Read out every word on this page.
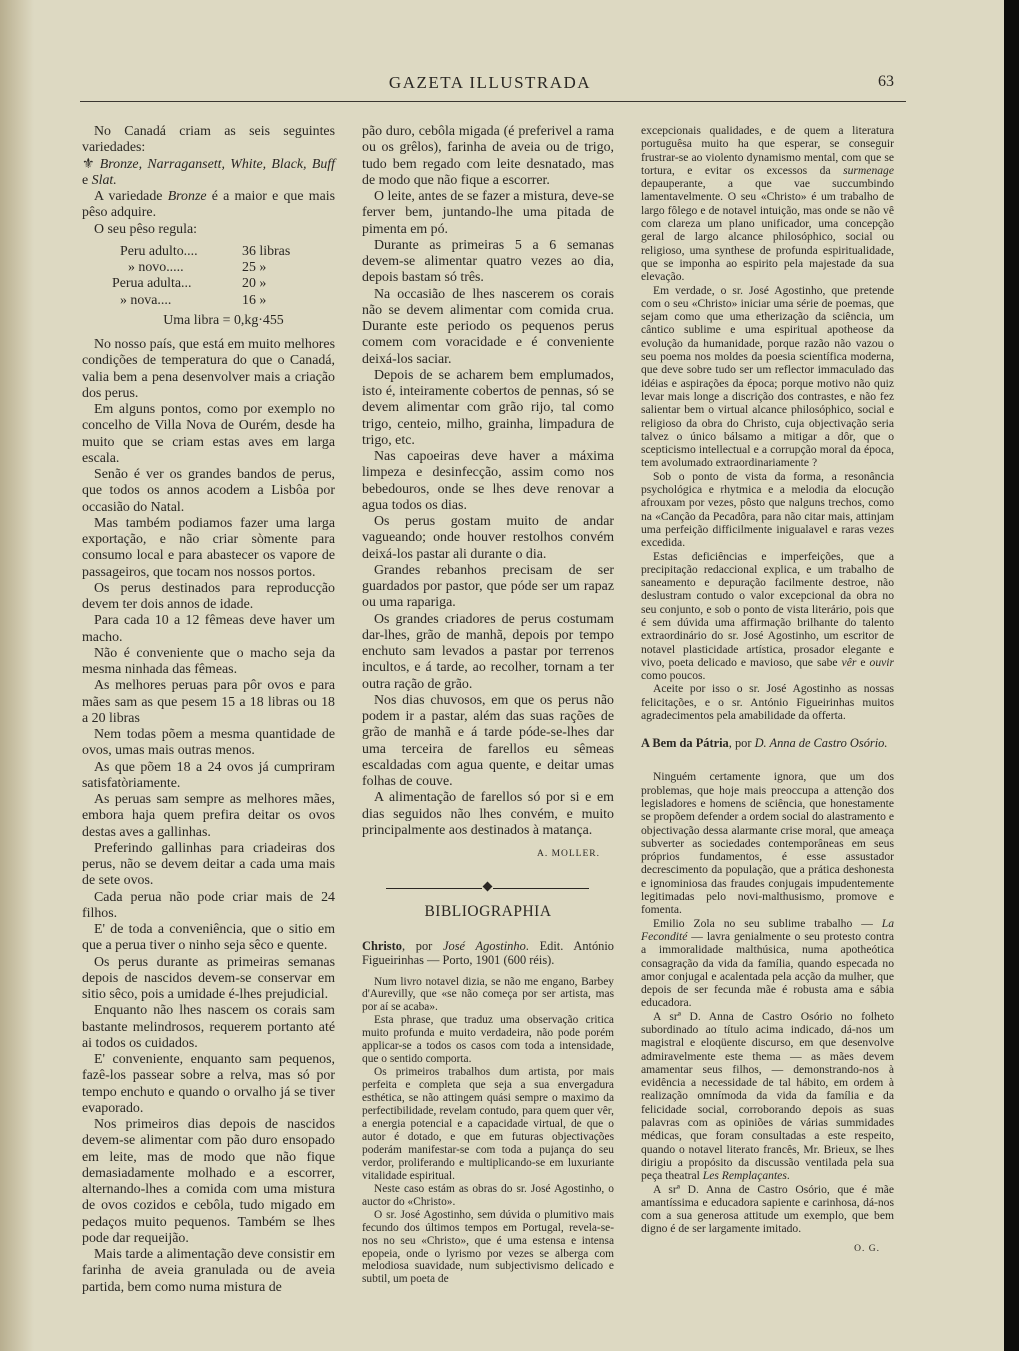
GAZETA ILLUSTRADA	63

No Canadá criam as seis seguintes variedades:

⚜ Bronze, Narragansett, White, Black, Buff e Slat.

A variedade Bronze é a maior e que mais pêso adquire.

O seu pêso regula:

Peru adulto....	36 libras
» novo.....	25 »
Perua adulta...	20 »
» nova....	16 »

Uma libra = 0,kg·455

No nosso país, que está em muito melhores condições de temperatura do que o Canadá, valia bem a pena desenvolver mais a criação dos perus.

Em alguns pontos, como por exemplo no concelho de Villa Nova de Ourém, desde ha muito que se criam estas aves em larga escala.

Senão é ver os grandes bandos de perus, que todos os annos acodem a Lisbôa por occasião do Natal.

Mas também podiamos fazer uma larga exportação, e não criar sòmente para consumo local e para abastecer os vapore de passageiros, que tocam nos nossos portos.

Os perus destinados para reproducção devem ter dois annos de idade.

Para cada 10 a 12 fêmeas deve haver um macho.

Não é conveniente que o macho seja da mesma ninhada das fêmeas.

As melhores peruas para pôr ovos e para mães sam as que pesem 15 a 18 libras ou 18 a 20 libras

Nem todas põem a mesma quantidade de ovos, umas mais outras menos.

As que põem 18 a 24 ovos já cumpriram satisfatòriamente.

As peruas sam sempre as melhores mães, embora haja quem prefira deitar os ovos destas aves a gallinhas.

Preferindo gallinhas para criadeiras dos perus, não se devem deitar a cada uma mais de sete ovos.

Cada perua não pode criar mais de 24 filhos.

E' de toda a conveniência, que o sitio em que a perua tiver o ninho seja sêco e quente.

Os perus durante as primeiras semanas depois de nascidos devem-se conservar em sitio sêco, pois a umidade é-lhes prejudicial.

Enquanto não lhes nascem os corais sam bastante melindrosos, requerem portanto até ai todos os cuidados.

E' conveniente, enquanto sam pequenos, fazê-los passear sobre a relva, mas só por tempo enchuto e quando o orvalho já se tiver evaporado.

Nos primeiros dias depois de nascidos devem-se alimentar com pão duro ensopado em leite, mas de modo que não fique demasiadamente molhado e a escorrer, alternando-lhes a comida com uma mistura de ovos cozidos e cebôla, tudo migado em pedaços muito pequenos. Também se lhes pode dar requeijão.

Mais tarde a alimentação deve consistir em farinha de aveia granulada ou de aveia partida, bem como numa mistura de

pão duro, cebôla migada (é preferivel a rama ou os grêlos), farinha de aveia ou de trigo, tudo bem regado com leite desnatado, mas de modo que não fique a escorrer.

O leite, antes de se fazer a mistura, deve-se ferver bem, juntando-lhe uma pitada de pimenta em pó.

Durante as primeiras 5 a 6 semanas devem-se alimentar quatro vezes ao dia, depois bastam só três.

Na occasião de lhes nascerem os corais não se devem alimentar com comida crua. Durante este periodo os pequenos perus comem com voracidade e é conveniente deixá-los saciar.

Depois de se acharem bem emplumados, isto é, inteiramente cobertos de pennas, só se devem alimentar com grão rijo, tal como trigo, centeio, milho, grainha, limpadura de trigo, etc.

Nas capoeiras deve haver a máxima limpeza e desinfecção, assim como nos bebedouros, onde se lhes deve renovar a agua todos os dias.

Os perus gostam muito de andar vagueando; onde houver restolhos convém deixá-los pastar ali durante o dia.

Grandes rebanhos precisam de ser guardados por pastor, que póde ser um rapaz ou uma rapariga.

Os grandes criadores de perus costumam dar-lhes, grão de manhã, depois por tempo enchuto sam levados a pastar por terrenos incultos, e á tarde, ao recolher, tornam a ter outra ração de grão.

Nos dias chuvosos, em que os perus não podem ir a pastar, além das suas rações de grão de manhã e á tarde póde-se-lhes dar uma terceira de farellos eu sêmeas escaldadas com agua quente, e deitar umas folhas de couve.

A alimentação de farellos só por si e em dias seguidos não lhes convém, e muito principalmente aos destinados à matança.

A. MOLLER.

BIBLIOGRAPHIA

Christo, por José Agostinho. Edit. António Figueirinhas — Porto, 1901 (600 réis).

Num livro notavel dizia, se não me engano, Barbey d'Aurevilly, que «se não começa por ser artista, mas por aí se acaba».

Esta phrase, que traduz uma observação critica muito profunda e muito verdadeira, não pode porém applicar-se a todos os casos com toda a intensidade, que o sentido comporta.

Os primeiros trabalhos dum artista, por mais perfeita e completa que seja a sua envergadura esthética, se não attingem quási sempre o maximo da perfectibilidade, revelam contudo, para quem quer vêr, a energia potencial e a capacidade virtual, de que o autor é dotado, e que em futuras objectivações poderám manifestar-se com toda a pujança do seu verdor, proliferando e multiplicando-se em luxuriante vitalidade espiritual.

Neste caso estám as obras do sr. José Agostinho, o auctor do «Christo».

O sr. José Agostinho, sem dúvida o plumitivo mais fecundo dos últimos tempos em Portugal, revela-se-nos no seu «Christo», que é uma estensa e intensa epopeia, onde o lyrismo por vezes se alberga com melodiosa suavidade, num subjectivismo delicado e subtil, um poeta de

excepcionais qualidades, e de quem a literatura portuguêsa muito ha que esperar, se conseguir frustrar-se ao violento dynamismo mental, com que se tortura, e evitar os excessos da surmenage depauperante, a que vae succumbindo lamentavelmente. O seu «Christo» é um trabalho de largo fôlego e de notavel intuição, mas onde se não vê com clareza um plano unificador, uma concepção geral de largo alcance philosóphico, social ou religioso, uma synthese de profunda espiritualidade, que se imponha ao espirito pela majestade da sua elevação.

Em verdade, o sr. José Agostinho, que pretende com o seu «Christo» iniciar uma série de poemas, que sejam como que uma etherização da sciência, um cântico sublime e uma espiritual apotheose da evolução da humanidade, porque razão não vazou o seu poema nos moldes da poesia scientífica moderna, que deve sobre tudo ser um reflector immaculado das idéias e aspirações da época; porque motivo não quiz levar mais longe a discrição dos contrastes, e não fez salientar bem o virtual alcance philosóphico, social e religioso da obra do Christo, cuja objectivação seria talvez o único bálsamo a mitigar a dôr, que o scepticismo intellectual e a corrupção moral da época, tem avolumado extraordinariamente ?

Sob o ponto de vista da forma, a resonância psychológica e rhytmica e a melodia da elocução afrouxam por vezes, pôsto que nalguns trechos, como na «Canção da Pecadôra, para não citar mais, attinjam uma perfeição difficilmente inigualavel e raras vezes excedida.

Estas deficiências e imperfeições, que a precipitação redaccional explica, e um trabalho de saneamento e depuração facilmente destroe, não deslustram contudo o valor excepcional da obra no seu conjunto, e sob o ponto de vista literário, pois que é sem dúvida uma affirmação brilhante do talento extraordinário do sr. José Agostinho, um escritor de notavel plasticidade artística, prosador elegante e vivo, poeta delicado e mavioso, que sabe vêr e ouvir como poucos.

Aceite por isso o sr. José Agostinho as nossas felicitações, e o sr. António Figueirinhas muitos agradecimentos pela amabilidade da offerta.

A Bem da Pátria, por D. Anna de Castro Osório.

Ninguém certamente ignora, que um dos problemas, que hoje mais preoccupa a attenção dos legisladores e homens de sciência, que honestamente se propõem defender a ordem social do alastramento e objectivação dessa alarmante crise moral, que ameaça subverter as sociedades contemporâneas em seus próprios fundamentos, é esse assustador decrescimento da população, que a prática deshonesta e ignominiosa das fraudes conjugais impudentemente legitimadas pelo novi-malthusismo, promove e fomenta.

Emilio Zola no seu sublime trabalho — La Fecondité — lavra genialmente o seu protesto contra a immoralidade malthúsica, numa apotheótica consagração da vida da família, quando especada no amor conjugal e acalentada pela acção da mulher, que depois de ser fecunda mãe é robusta ama e sábia educadora.

A srª D. Anna de Castro Osório no folheto subordinado ao título acima indicado, dá-nos um magistral e eloqüente discurso, em que desenvolve admiravelmente este thema — as mães devem amamentar seus filhos, — demonstrando-nos à evidência a necessidade de tal hábito, em ordem à realização omnímoda da vida da família e da felicidade social, corroborando depois as suas palavras com as opiniões de várias summidades médicas, que foram consultadas a este respeito, quando o notavel literato francês, Mr. Brieux, se lhes dirigiu a propósito da discussão ventilada pela sua peça theatral Les Remplaçantes.

A srª D. Anna de Castro Osório, que é mãe amantíssima e educadora sapiente e carinhosa, dá-nos com a sua generosa attitude um exemplo, que bem digno é de ser largamente imitado.

O. G.
